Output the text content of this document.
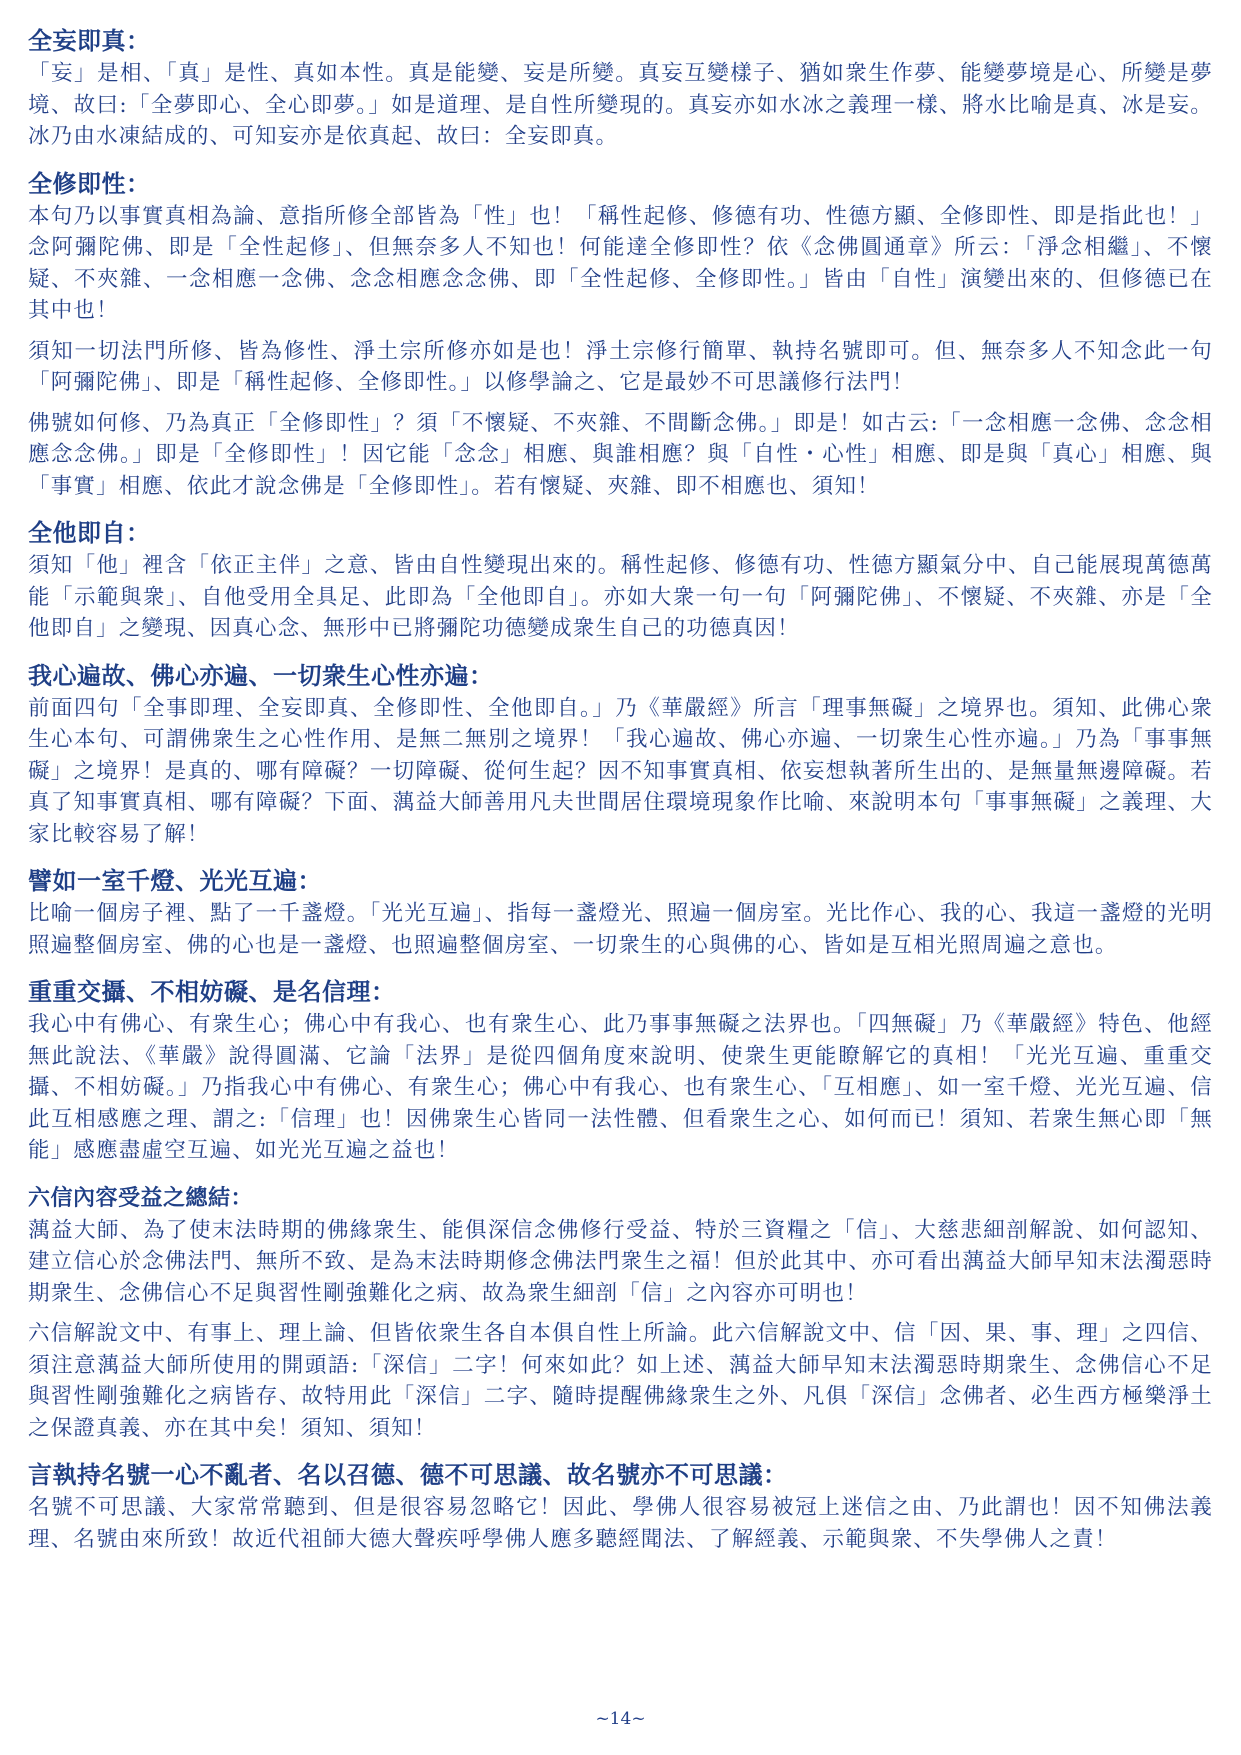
全妄即真：

「妄」是相、「真」是性、真如本性。真是能變、妄是所變。真妄互變樣子、猶如衆生作夢、能變夢境是心、所變是夢境、故曰:「全夢即心、全心即夢。」如是道理、是自性所變現的。真妄亦如水冰之義理一樣、將水比喻是真、冰是妄。冰乃由水凍結成的、可知妄亦是依真起、故曰：全妄即真。

全修即性：

本句乃以事實真相為論、意指所修全部皆為「性」也！「稱性起修、修德有功、性德方顯、全修即性、即是指此也！」念阿彌陀佛、即是「全性起修」、但無奈多人不知也！何能達全修即性？依《念佛圓通章》所云：「淨念相繼」、不懷疑、不夾雜、一念相應一念佛、念念相應念念佛、即「全性起修、全修即性。」皆由「自性」演變出來的、但修德已在其中也！

須知一切法門所修、皆為修性、淨土宗所修亦如是也！淨土宗修行簡單、執持名號即可。但、無奈多人不知念此一句「阿彌陀佛」、即是「稱性起修、全修即性。」以修學論之、它是最妙不可思議修行法門！

佛號如何修、乃為真正「全修即性」？須「不懷疑、不夾雜、不間斷念佛。」即是！如古云:「一念相應一念佛、念念相應念念佛。」即是「全修即性」！因它能「念念」相應、與誰相應？與「自性・心性」相應、即是與「真心」相應、與「事實」相應、依此才說念佛是「全修即性」。若有懷疑、夾雜、即不相應也、須知！

全他即自：

須知「他」裡含「依正主伴」之意、皆由自性變現出來的。稱性起修、修德有功、性德方顯氣分中、自己能展現萬德萬能「示範與衆」、自他受用全具足、此即為「全他即自」。亦如大衆一句一句「阿彌陀佛」、不懷疑、不夾雜、亦是「全他即自」之變現、因真心念、無形中已將彌陀功德變成衆生自己的功德真因！

我心遍故、佛心亦遍、一切衆生心性亦遍：

前面四句「全事即理、全妄即真、全修即性、全他即自。」乃《華嚴經》所言「理事無礙」之境界也。須知、此佛心衆生心本句、可謂佛衆生之心性作用、是無二無別之境界！「我心遍故、佛心亦遍、一切衆生心性亦遍。」乃為「事事無礙」之境界！是真的、哪有障礙？一切障礙、從何生起？因不知事實真相、依妄想執著所生出的、是無量無邊障礙。若真了知事實真相、哪有障礙？下面、蕅益大師善用凡夫世間居住環境現象作比喻、來說明本句「事事無礙」之義理、大家比較容易了解！

譬如一室千燈、光光互遍：

比喻一個房子裡、點了一千盞燈。「光光互遍」、指每一盞燈光、照遍一個房室。光比作心、我的心、我這一盞燈的光明照遍整個房室、佛的心也是一盞燈、也照遍整個房室、一切衆生的心與佛的心、皆如是互相光照周遍之意也。

重重交攝、不相妨礙、是名信理：

我心中有佛心、有衆生心；佛心中有我心、也有衆生心、此乃事事無礙之法界也。「四無礙」乃《華嚴經》特色、他經無此說法、《華嚴》說得圓滿、它論「法界」是從四個角度來說明、使衆生更能瞭解它的真相！「光光互遍、重重交攝、不相妨礙。」乃指我心中有佛心、有衆生心；佛心中有我心、也有衆生心、「互相應」、如一室千燈、光光互遍、信此互相感應之理、謂之:「信理」也！因佛衆生心皆同一法性體、但看衆生之心、如何而已！須知、若衆生無心即「無能」感應盡虛空互遍、如光光互遍之益也！

六信內容受益之總結：

蕅益大師、為了使末法時期的佛緣衆生、能俱深信念佛修行受益、特於三資糧之「信」、大慈悲細剖解說、如何認知、建立信心於念佛法門、無所不致、是為末法時期修念佛法門衆生之福！但於此其中、亦可看出蕅益大師早知末法濁惡時期衆生、念佛信心不足與習性剛強難化之病、故為衆生細剖「信」之內容亦可明也！

六信解說文中、有事上、理上論、但皆依衆生各自本俱自性上所論。此六信解說文中、信「因、果、事、理」之四信、須注意蕅益大師所使用的開頭語:「深信」二字！何來如此？如上述、蕅益大師早知末法濁惡時期衆生、念佛信心不足與習性剛強難化之病皆存、故特用此「深信」二字、隨時提醒佛緣衆生之外、凡俱「深信」念佛者、必生西方極樂淨土之保證真義、亦在其中矣！須知、須知！

言執持名號一心不亂者、名以召德、德不可思議、故名號亦不可思議：

名號不可思議、大家常常聽到、但是很容易忽略它！因此、學佛人很容易被冠上迷信之由、乃此謂也！因不知佛法義理、名號由來所致！故近代祖師大德大聲疾呼學佛人應多聽經聞法、了解經義、示範與衆、不失學佛人之責！

~14~
